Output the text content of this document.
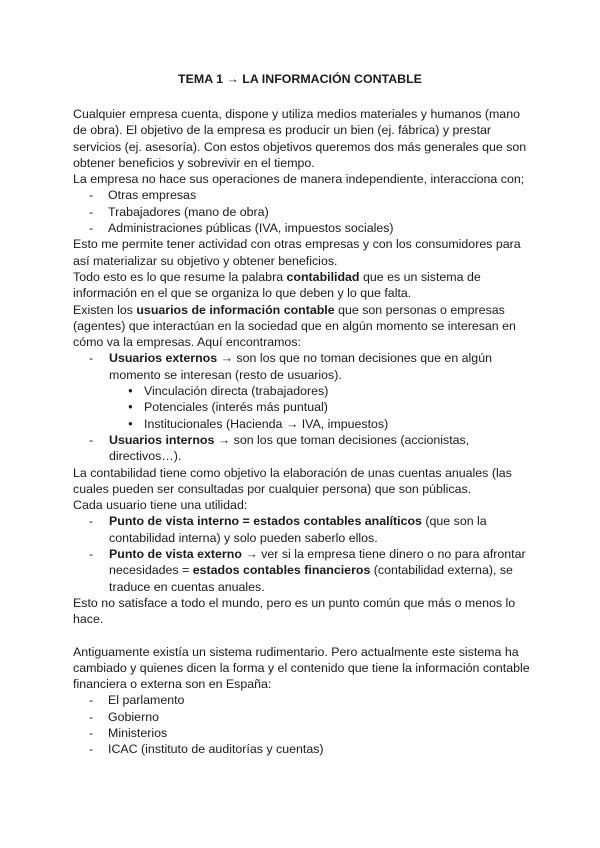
TEMA 1 → LA INFORMACIÓN CONTABLE

Cualquier empresa cuenta, dispone y utiliza medios materiales y humanos (mano de obra). El objetivo de la empresa es producir un bien (ej. fábrica) y prestar servicios (ej. asesoría). Con estos objetivos queremos dos más generales que son obtener beneficios y sobrevivir en el tiempo.

La empresa no hace sus operaciones de manera independiente, interacciona con;

- Otras empresas
- Trabajadores (mano de obra)
- Administraciones públicas (IVA, impuestos sociales)

Esto me permite tener actividad con otras empresas y con los consumidores para así materializar su objetivo y obtener beneficios.

Todo esto es lo que resume la palabra contabilidad que es un sistema de información en el que se organiza lo que deben y lo que falta.

Existen los usuarios de información contable que son personas o empresas (agentes) que interactúan en la sociedad que en algún momento se interesan en cómo va la empresas. Aquí encontramos:

- Usuarios externos → son los que no toman decisiones que en algún momento se interesan (resto de usuarios).
● Vinculación directa (trabajadores)
● Potenciales (interés más puntual)
● Institucionales (Hacienda → IVA, impuestos)
- Usuarios internos → son los que toman decisiones (accionistas, directivos…).

La contabilidad tiene como objetivo la elaboración de unas cuentas anuales (las cuales pueden ser consultadas por cualquier persona) que son públicas.

Cada usuario tiene una utilidad:

- Punto de vista interno = estados contables analíticos (que son la contabilidad interna) y solo pueden saberlo ellos.
- Punto de vista externo → ver si la empresa tiene dinero o no para afrontar necesidades = estados contables financieros (contabilidad externa), se traduce en cuentas anuales.

Esto no satisface a todo el mundo, pero es un punto común que más o menos lo hace.

Antiguamente existía un sistema rudimentario. Pero actualmente este sistema ha cambiado y quienes dicen la forma y el contenido que tiene la información contable financiera o externa son en España:

- El parlamento
- Gobierno
- Ministerios
- ICAC (instituto de auditorías y cuentas)
